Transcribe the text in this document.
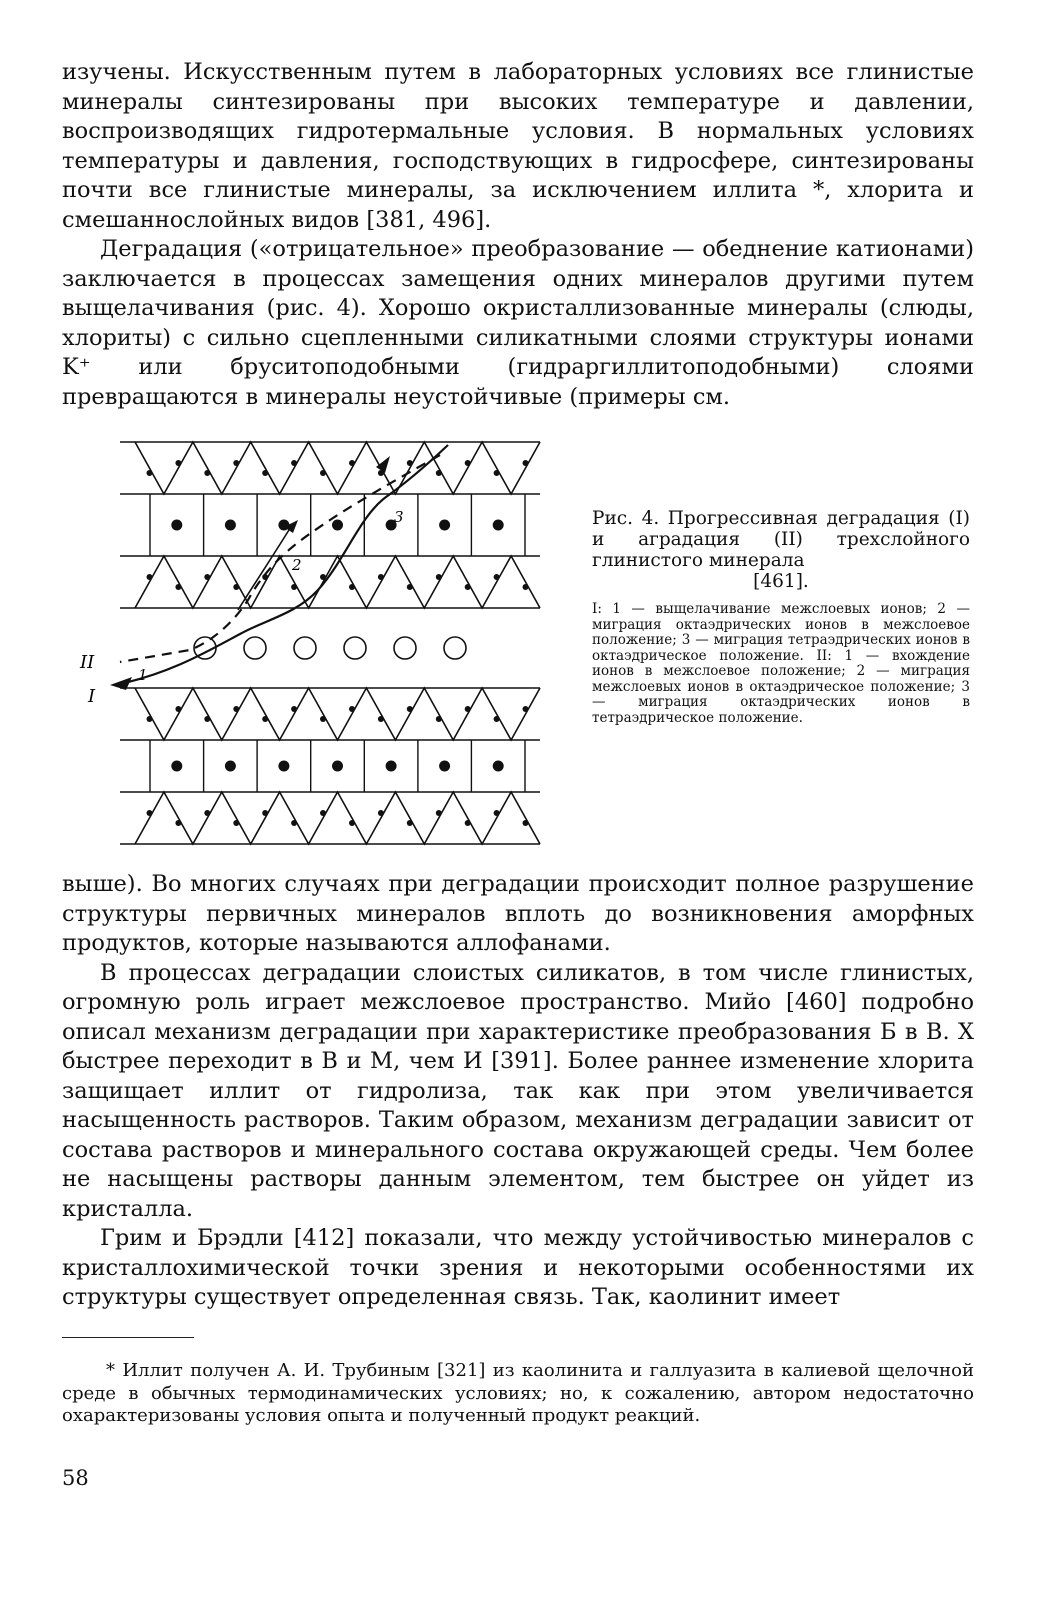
изучены. Искусственным путем в лабораторных условиях все глинистые минералы синтезированы при высоких температуре и давлении, воспроизводящих гидротермальные условия. В нормальных условиях температуры и давления, господствующих в гидросфере, синтезированы почти все глинистые минералы, за исключением иллита *, хлорита и смешаннослойных видов [381, 496].

Деградация («отрицательное» преобразование — обеднение катионами) заключается в процессах замещения одних минералов другими путем выщелачивания (рис. 4). Хорошо окристаллизованные минералы (слюды, хлориты) с сильно сцепленными силикатными слоями структуры ионами K⁺ или бруситоподобными (гидраргиллитоподобными) слоями превращаются в минералы неустойчивые (примеры см.

I
II
1
2
3	Рис. 4. Прогрессивная деградация (I) и аградация (II) трехслойного глинистого минерала
[461].

I: 1 — выщелачивание межслоевых ионов; 2 — миграция октаэдрических ионов в межслоевое положение; 3 — миграция тетраэдрических ионов в октаэдрическое положение. II: 1 — вхождение ионов в межслоевое положение; 2 — миграция межслоевых ионов в октаэдрическое положение; 3 — миграция октаэдрических ионов в тетраэдрическое положение.

выше). Во многих случаях при деградации происходит полное разрушение структуры первичных минералов вплоть до возникновения аморфных продуктов, которые называются аллофанами.

В процессах деградации слоистых силикатов, в том числе глинистых, огромную роль играет межслоевое пространство. Мийо [460] подробно описал механизм деградации при характеристике преобразования Б в В. Х быстрее переходит в В и М, чем И [391]. Более раннее изменение хлорита защищает иллит от гидролиза, так как при этом увеличивается насыщенность растворов. Таким образом, механизм деградации зависит от состава растворов и минерального состава окружающей среды. Чем более не насыщены растворы данным элементом, тем быстрее он уйдет из кристалла.

Грим и Брэдли [412] показали, что между устойчивостью минералов с кристаллохимической точки зрения и некоторыми особенностями их структуры существует определенная связь. Так, каолинит имеет

* Иллит получен А. И. Трубиным [321] из каолинита и галлуазита в калиевой щелочной среде в обычных термодинамических условиях; но, к сожалению, автором недостаточно охарактеризованы условия опыта и полученный продукт реакций.

58
